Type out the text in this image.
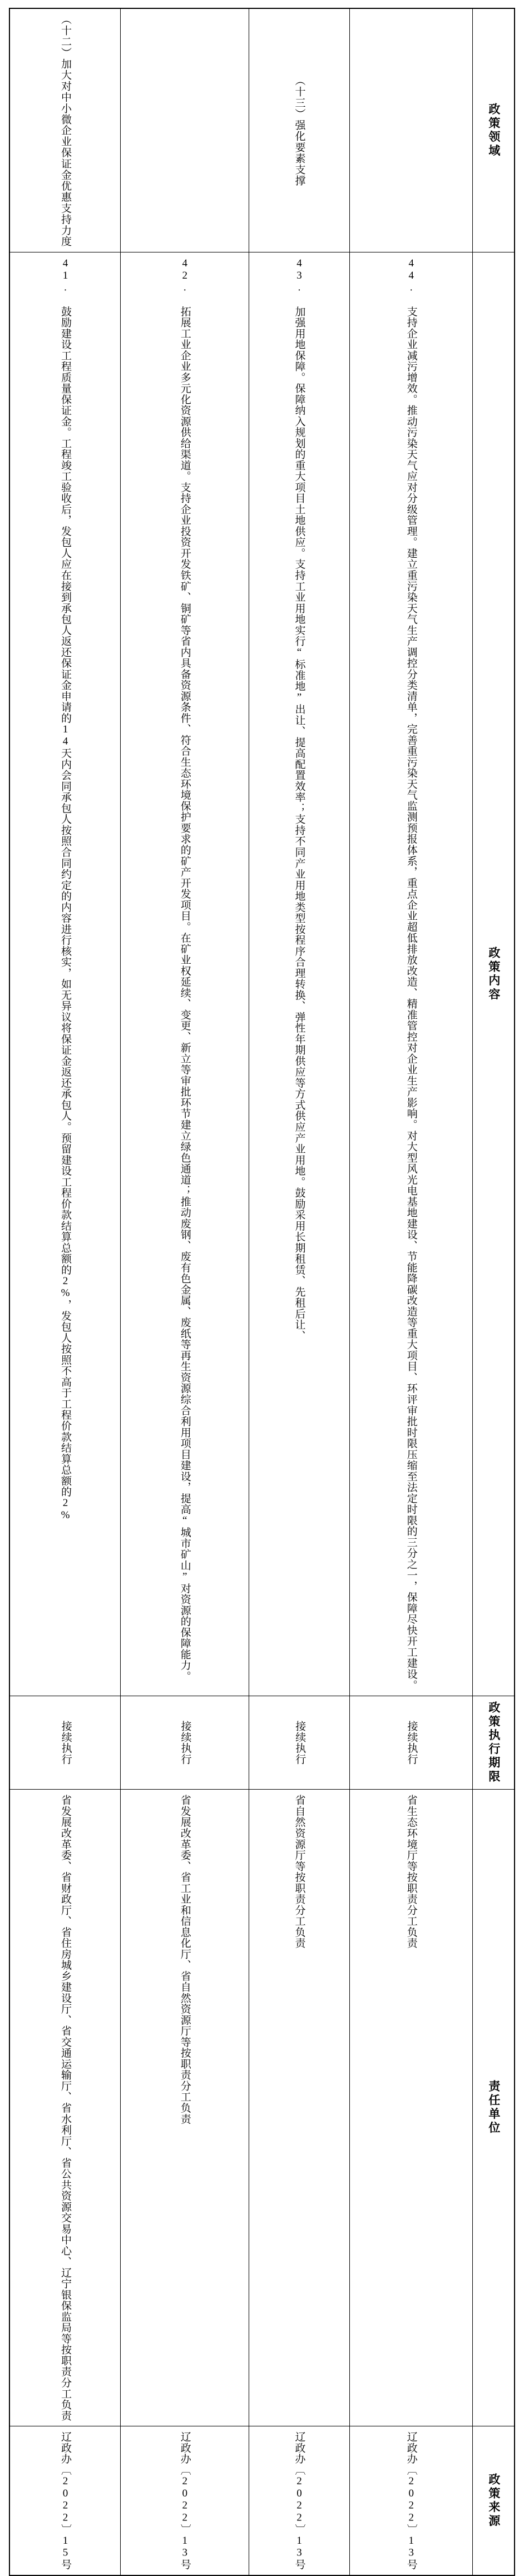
（十二）加大对中小微企业保证金优惠支持力度		（十三）强化要素支撑		政策领域

41. 鼓励建设工程质量保证金。工程竣工验收后，发包人应在接到承包人返还保证金申请的14天内会同承包人按照合同约定的内容进行核实，如无异议将保证金返还承包人。预留建设工程价款结算总额的2%，发包人按照不高于工程价款结算总额的2%	42. 拓展工业企业多元化资源供给渠道。支持企业投资开发铁矿、铜矿等省内具备资源条件、符合生态环境保护要求的矿产开发项目。在矿业权延续、变更、新立等审批环节建立绿色通道；推动废钢、废有色金属、废纸等再生资源综合利用项目建设，提高“城市矿山”对资源的保障能力。	43. 加强用地保障。保障纳入规划的重大项目土地供应。支持工业用地实行“标准地”出让、提高配置效率；支持不同产业用地类型按程序合理转换、弹性年期供应等方式供应产业用地。鼓励采用长期租赁、先租后让、	44. 支持企业减污增效。推动污染天气应对分级管理。建立重污染天气生产调控分类清单，完善重污染天气监测预报体系，重点企业超低排放改造、精准管控对企业生产影响。对大型风光电基地建设、节能降碳改造等重大项目、环评审批时限压缩至法定时限的三分之一，保障尽快开工建设。	政策内容

接续执行	接续执行	接续执行	接续执行	政策执行期限

省发展改革委、省财政厅、省住房城乡建设厅、省交通运输厅、省水利厅、省公共资源交易中心、辽宁银保监局等按职责分工负责	省发展改革委、省工业和信息化厅、省自然资源厅等按职责分工负责	省自然资源厅等按职责分工负责	省生态环境厅等按职责分工负责	责任单位

辽政办〔2022〕15号	辽政办〔2022〕13号	辽政办〔2022〕13号	辽政办〔2022〕13号	政策来源
